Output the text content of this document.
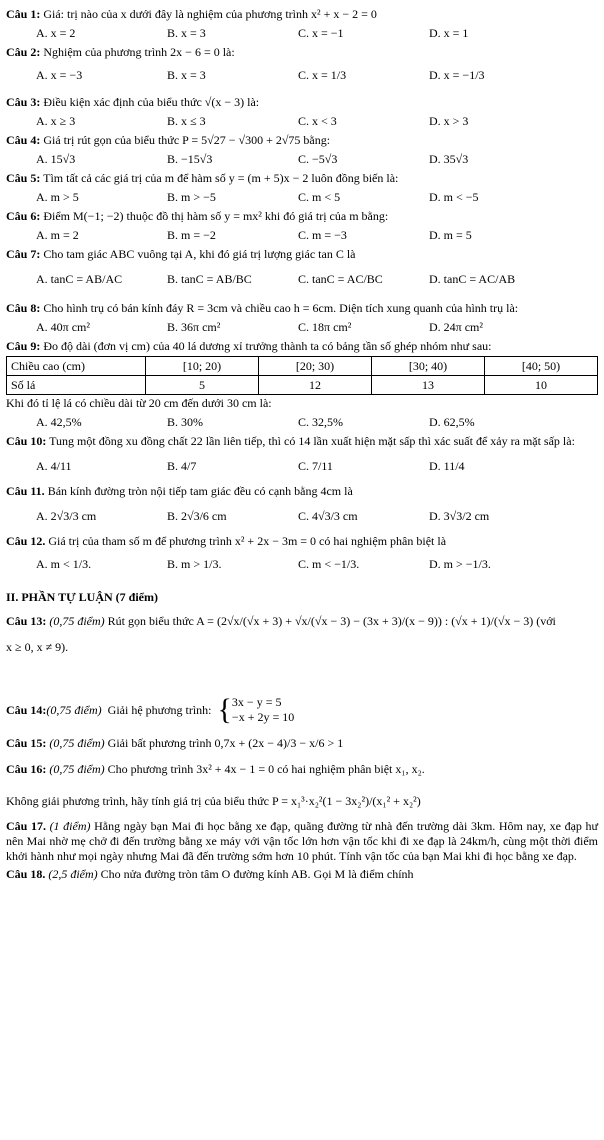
Câu 1: Giá: trị nào của x dưới đây là nghiệm của phương trình x² + x − 2 = 0

A. x = 2	B. x = 3	C. x = −1	D. x = 1

Câu 2: Nghiệm của phương trình 2x − 6 = 0 là:

A. x = −3	B. x = 3	C. x = 1/3	D. x = −1/3

Câu 3: Điều kiện xác định của biểu thức √(x − 3) là:

A. x ≥ 3	B. x ≤ 3	C. x < 3	D. x > 3

Câu 4: Giá trị rút gọn của biểu thức P = 5√27 − √300 + 2√75 bằng:

A. 15√3	B. −15√3	C. −5√3	D. 35√3

Câu 5: Tìm tất cả các giá trị của m để hàm số y = (m + 5)x − 2 luôn đồng biến là:

A. m > 5	B. m > −5	C. m < 5	D. m < −5

Câu 6: Điểm M(−1; −2) thuộc đồ thị hàm số y = mx² khi đó giá trị của m bằng:

A. m = 2	B. m = −2	C. m = −3	D. m = 5

Câu 7: Cho tam giác ABC vuông tại A, khi đó giá trị lượng giác tan C là

A. tanC = AB/AC	B. tanC = AB/BC	C. tanC = AC/BC	D. tanC = AC/AB

Câu 8: Cho hình trụ có bán kính đáy R = 3cm và chiều cao h = 6cm. Diện tích xung quanh của hình trụ là:

A. 40π cm²	B. 36π cm²	C. 18π cm²	D. 24π cm²

Câu 9: Đo độ dài (đơn vị cm) của 40 lá dương xỉ trưởng thành ta có bảng tần số ghép nhóm như sau:

Chiều cao (cm)	[10; 20)	[20; 30)	[30; 40)	[40; 50)
Số lá	5	12	13	10

Khi đó tỉ lệ lá có chiều dài từ 20 cm đến dưới 30 cm là:

A. 42,5%	B. 30%	C. 32,5%	D. 62,5%

Câu 10: Tung một đồng xu đồng chất 22 lần liên tiếp, thì có 14 lần xuất hiện mặt sấp thì xác suất để xảy ra mặt sấp là:

A. 4/11	B. 4/7	C. 7/11	D. 11/4

Câu 11. Bán kính đường tròn nội tiếp tam giác đều có cạnh bằng 4cm là

A. 2√3/3 cm	B. 2√3/6 cm	C. 4√3/3 cm	D. 3√3/2 cm

Câu 12. Giá trị của tham số m để phương trình x² + 2x − 3m = 0 có hai nghiệm phân biệt là

A. m < 1/3.	B. m > 1/3.	C. m < −1/3.	D. m > −1/3.

II. PHẦN TỰ LUẬN (7 điểm)

Câu 13: (0,75 điểm) Rút gọn biểu thức A = (2√x/(√x + 3) + √x/(√x − 3) − (3x + 3)/(x − 9)) : (√x + 1)/(√x − 3) (với

x ≥ 0, x ≠ 9).

Câu 14:(0,75 điểm) Giải hệ phương trình: { 3x − y = 5
−x + 2y = 10

Câu 15: (0,75 điểm) Giải bất phương trình 0,7x + (2x − 4)/3 − x/6 > 1

Câu 16: (0,75 điểm) Cho phương trình 3x² + 4x − 1 = 0 có hai nghiệm phân biệt x₁, x₂.

Không giải phương trình, hãy tính giá trị của biểu thức P = x₁³·x₂²(1 − 3x₂²)/(x₁² + x₂²)

Câu 17. (1 điểm) Hằng ngày bạn Mai đi học bằng xe đạp, quãng đường từ nhà đến trường dài 3km. Hôm nay, xe đạp hư nên Mai nhờ mẹ chở đi đến trường bằng xe máy với vận tốc lớn hơn vận tốc khi đi xe đạp là 24km/h, cùng một thời điểm khởi hành như mọi ngày nhưng Mai đã đến trường sớm hơn 10 phút. Tính vận tốc của bạn Mai khi đi học bằng xe đạp.

Câu 18. (2,5 điểm) Cho nửa đường tròn tâm O đường kính AB. Gọi M là điểm chính
